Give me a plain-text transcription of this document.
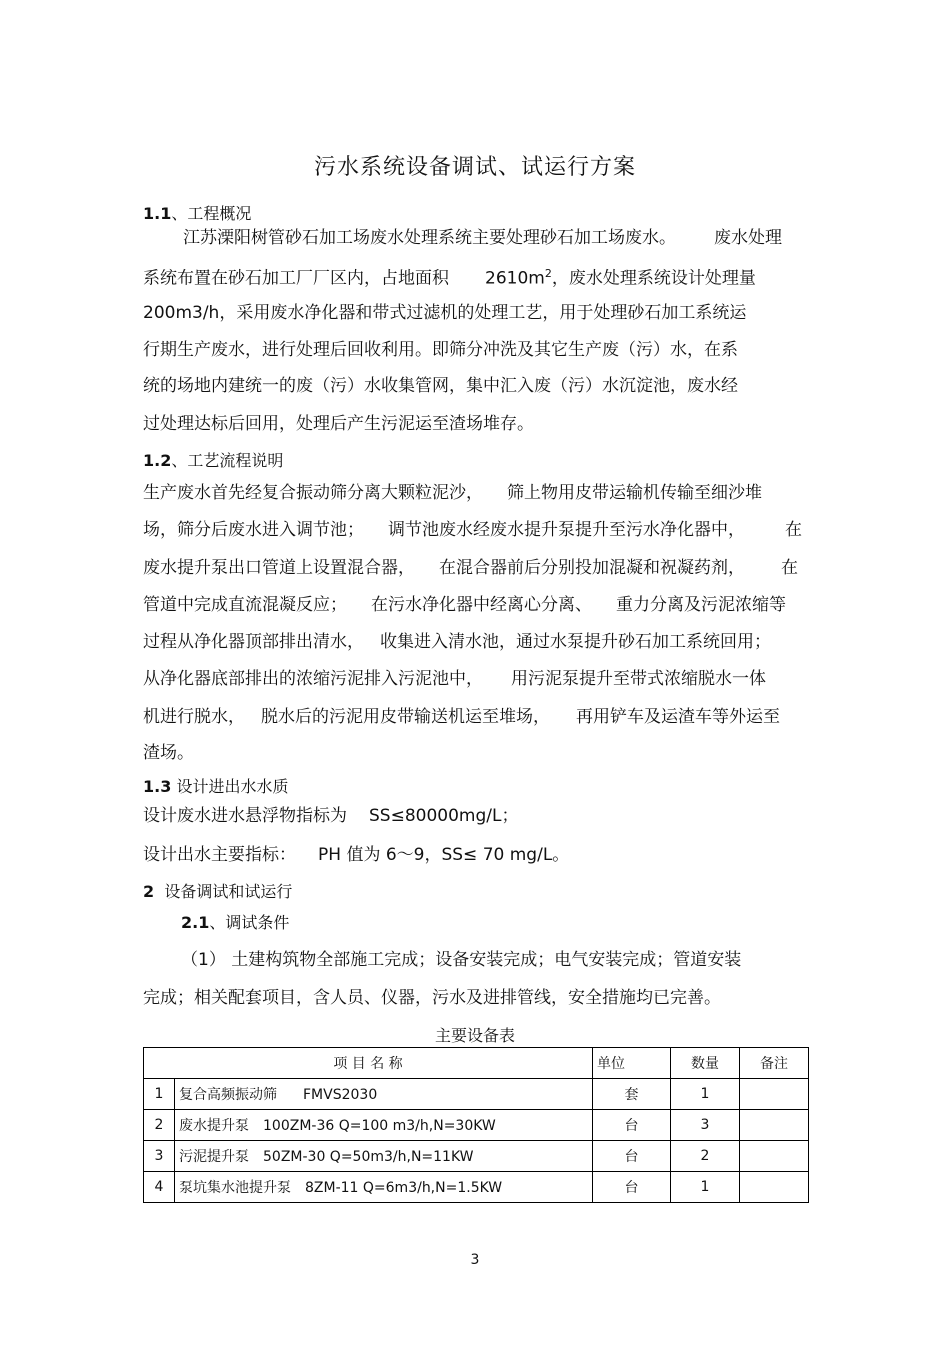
污水系统设备调试、试运行方案
1.1、工程概况
江苏溧阳树管砂石加工场废水处理系统主要处理砂石加工场废水。 废水处理
系统布置在砂石加工厂厂区内，占地面积 $2610m^2$，废水处理系统设计处理量
200m3/h，采用废水净化器和带式过滤机的处理工艺，用于处理砂石加工系统运
行期生产废水，进行处理后回收利用。即筛分冲洗及其它生产废（污）水，在系
统的场地内建统一的废（污）水收集管网，集中汇入废（污）水沉淀池，废水经
过处理达标后回用，处理后产生污泥运至渣场堆存。
1.2、工艺流程说明
生产废水首先经复合振动筛分离大颗粒泥沙， 筛上物用皮带运输机传输至细沙堆
场，筛分后废水进入调节池； 调节池废水经废水提升泵提升至污水净化器中， 在
废水提升泵出口管道上设置混合器， 在混合器前后分别投加混凝和祝凝药剂， 在
管道中完成直流混凝反应； 在污水净化器中经离心分离、 重力分离及污泥浓缩等
过程从净化器顶部排出清水， 收集进入清水池，通过水泵提升砂石加工系统回用；
从净化器底部排出的浓缩污泥排入污泥池中， 用污泥泵提升至带式浓缩脱水一体
机进行脱水， 脱水后的污泥用皮带输送机运至堆场， 再用铲车及运渣车等外运至
渣场。
1.3 设计进出水水质
设计废水进水悬浮物指标为 SS≤80000mg/L；
设计出水主要指标： PH 值为 6～9，SS≤ 70 mg/L。
2 设备调试和试运行
2.1、调试条件
（1） 土建构筑物全部施工完成；设备安装完成；电气安装完成；管道安装
完成；相关配套项目，含人员、仪器，污水及进排管线，安全措施均已完善。
主要设备表
项 目 名 称		单位	数量	备注
1	复合高频振动筛 FMVS2030	套	1	
2	废水提升泵 100ZM-36 Q=100 m3/h,N=30KW	台	3	
3	污泥提升泵 50ZM-30 Q=50m3/h,N=11KW	台	2	
4	泵坑集水池提升泵 8ZM-11 Q=6m3/h,N=1.5KW	台	1	
3
